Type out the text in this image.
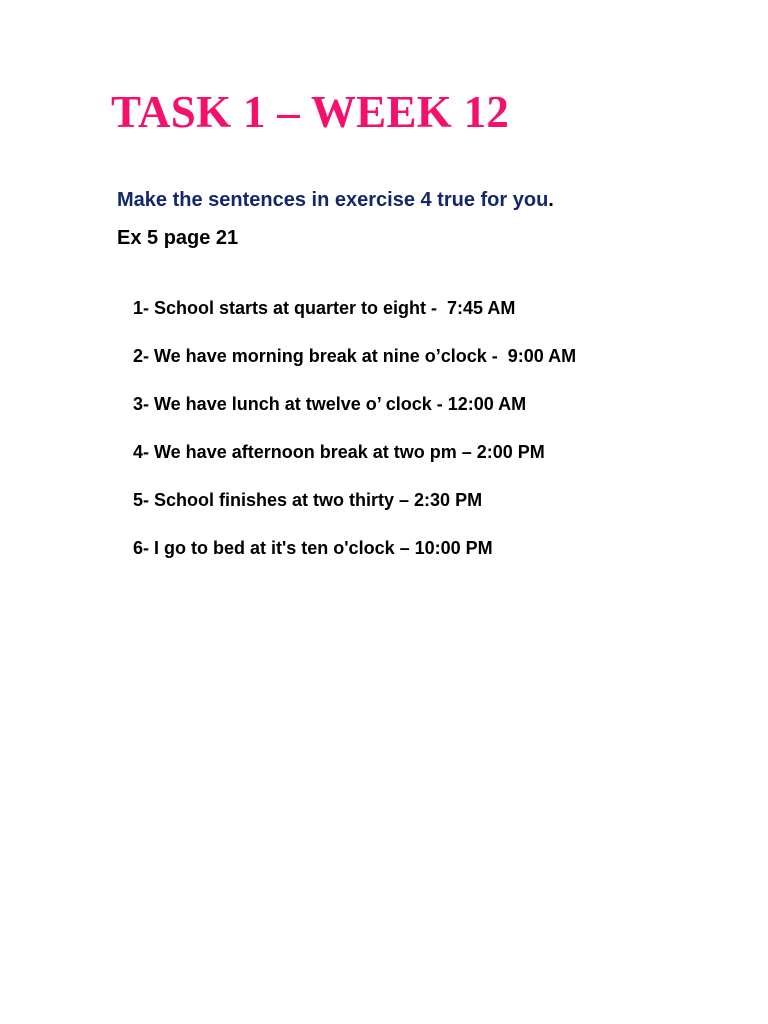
TASK 1 – WEEK 12

Make the sentences in exercise 4 true for you.

Ex 5 page 21

1- School starts at quarter to eight -  7:45 AM
2- We have morning break at nine o’clock -  9:00 AM
3- We have lunch at twelve o’ clock - 12:00 AM
4- We have afternoon break at two pm – 2:00 PM
5- School finishes at two thirty – 2:30 PM
6- I go to bed at it's ten o'clock – 10:00 PM
